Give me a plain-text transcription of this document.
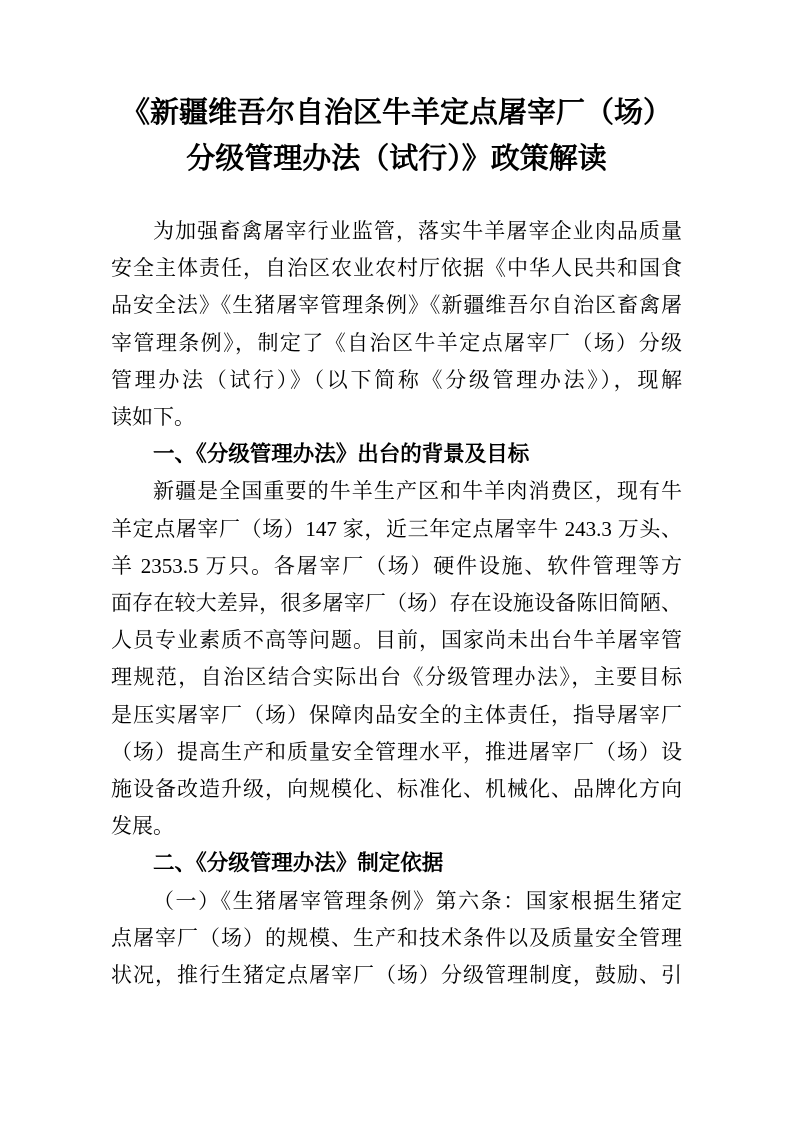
《新疆维吾尔自治区牛羊定点屠宰厂（场）
分级管理办法（试行）》政策解读
为加强畜禽屠宰行业监管，落实牛羊屠宰企业肉品质量
安全主体责任，自治区农业农村厅依据《中华人民共和国食
品安全法》《生猪屠宰管理条例》《新疆维吾尔自治区畜禽屠
宰管理条例》，制定了《自治区牛羊定点屠宰厂（场）分级
管理办法（试行）》（以下简称《分级管理办法》），现解
读如下。
一、《分级管理办法》出台的背景及目标
新疆是全国重要的牛羊生产区和牛羊肉消费区，现有牛
羊定点屠宰厂（场）147 家，近三年定点屠宰牛 243.3 万头、
羊 2353.5 万只。各屠宰厂（场）硬件设施、软件管理等方
面存在较大差异，很多屠宰厂（场）存在设施设备陈旧简陋、
人员专业素质不高等问题。目前，国家尚未出台牛羊屠宰管
理规范，自治区结合实际出台《分级管理办法》，主要目标
是压实屠宰厂（场）保障肉品安全的主体责任，指导屠宰厂
（场）提高生产和质量安全管理水平，推进屠宰厂（场）设
施设备改造升级，向规模化、标准化、机械化、品牌化方向
发展。
二、《分级管理办法》制定依据
（一）《生猪屠宰管理条例》第六条：国家根据生猪定
点屠宰厂（场）的规模、生产和技术条件以及质量安全管理
状况，推行生猪定点屠宰厂（场）分级管理制度，鼓励、引
